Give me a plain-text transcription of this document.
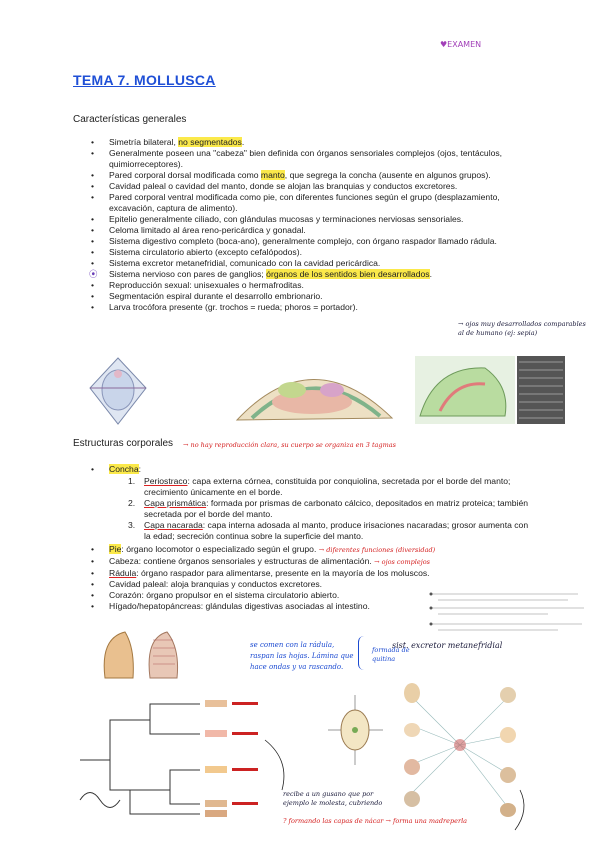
♥EXAMEN
TEMA 7. MOLLUSCA
Características generales
• Simetría bilateral, no segmentados.
• Generalmente poseen una "cabeza" bien definida con órganos sensoriales complejos (ojos, tentáculos, quimiorreceptores).
• Pared corporal dorsal modificada como manto, que segrega la concha (ausente en algunos grupos).
• Cavidad paleal o cavidad del manto, donde se alojan las branquias y conductos excretores.
• Pared corporal ventral modificada como pie, con diferentes funciones según el grupo (desplazamiento, excavación, captura de alimento).
• Epitelio generalmente ciliado, con glándulas mucosas y terminaciones nerviosas sensoriales.
• Celoma limitado al área reno-pericárdica y gonadal.
• Sistema digestivo completo (boca-ano), generalmente complejo, con órgano raspador llamado rádula.
• Sistema circulatorio abierto (excepto cefalópodos).
• Sistema excretor metanefridial, comunicado con la cavidad pericárdica.
⦿ Sistema nervioso con pares de ganglios; órganos de los sentidos bien desarrollados.
• Reproducción sexual: unisexuales o hermafroditas.
• Segmentación espiral durante el desarrollo embrionario.
• Larva trocófora presente (gr. trochos = rueda; phoros = portador).
→ ojos muy desarrollados comparables al de humano (ej: sepia)
Estructuras corporales → no hay reproducción clara, su cuerpo se organiza en 3 tagmas
• Concha:
1. Periostraco: capa externa córnea, constituida por conquiolina, secretada por el borde del manto; crecimiento únicamente en el borde.
2. Capa prismática: formada por prismas de carbonato cálcico, depositados en matriz proteica; también secretada por el borde del manto.
3. Capa nacarada: capa interna adosada al manto, produce irisaciones nacaradas; grosor aumenta con la edad; secreción continua sobre la superficie del manto.
• Pie: órgano locomotor o especializado según el grupo. → diferentes funciones (diversidad)
• Cabeza: contiene órganos sensoriales y estructuras de alimentación. → ojos complejos
• Rádula: órgano raspador para alimentarse, presente en la mayoría de los moluscos.
• Cavidad paleal: aloja branquias y conductos excretores.
• Corazón: órgano propulsor en el sistema circulatorio abierto.
• Hígado/hepatopáncreas: glándulas digestivas asociadas al intestino.
sist. excretor metanefridial
se comen con la rádula, raspan las hojas. Lámina que hace ondas y va rascando.
formada de quitina
recibe a un gusano que por ejemplo le molesta, cubriendo
? formando las capas de nácar → forma una madreperla
